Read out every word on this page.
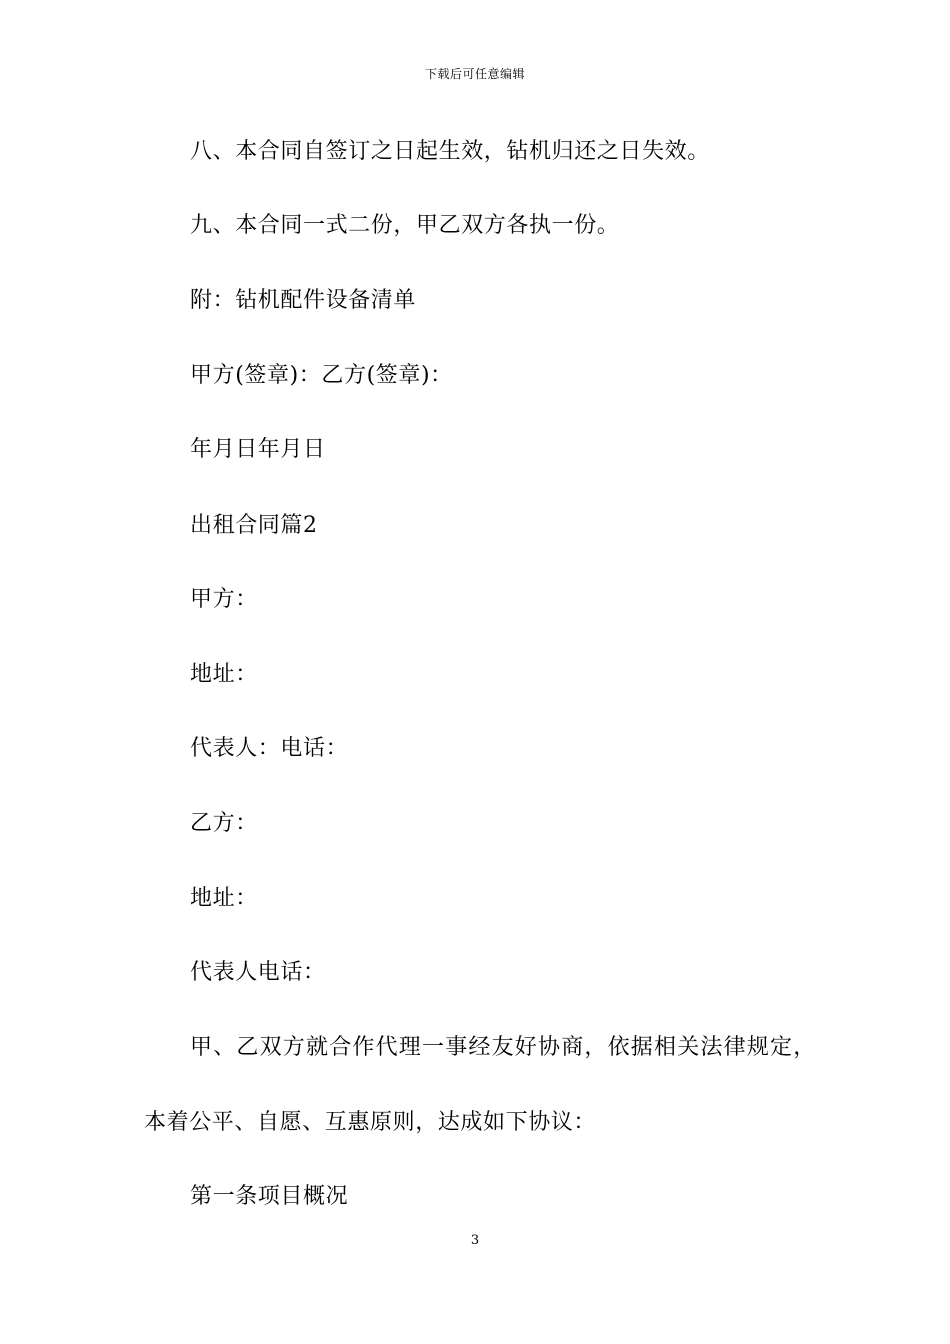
下载后可任意编辑
八、本合同自签订之日起生效，钻机归还之日失效。
九、本合同一式二份，甲乙双方各执一份。
附：钻机配件设备清单
甲方(签章)：乙方(签章)：
年月日年月日
出租合同篇2
甲方：
地址：
代表人：电话：
乙方：
地址：
代表人电话：
甲、乙双方就合作代理一事经友好协商，依据相关法律规定，
本着公平、自愿、互惠原则，达成如下协议：
第一条项目概况
3
